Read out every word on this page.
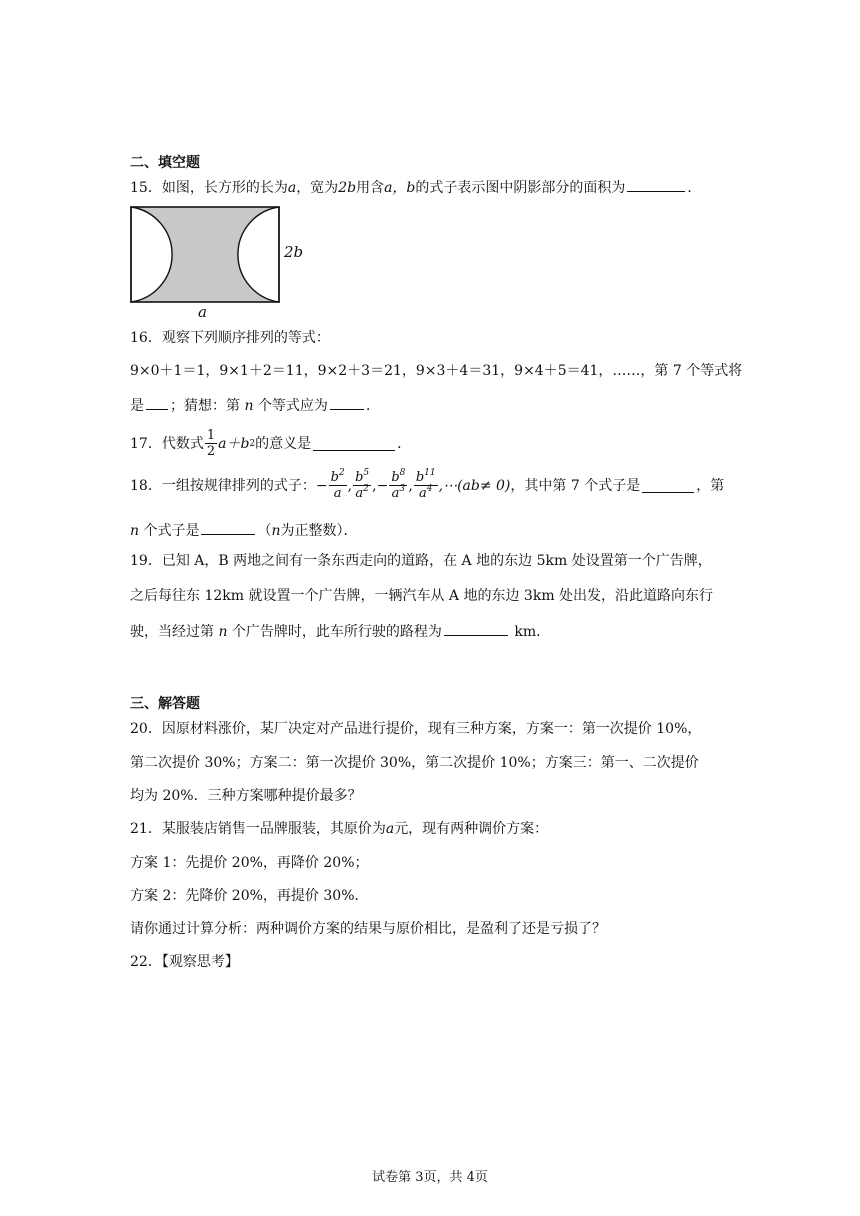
二、填空题
15．如图，长方形的长为a，宽为2b用含a，b的式子表示图中阴影部分的面积为	．
2b
a
16．观察下列顺序排列的等式：
9×0＋1＝1，9×1＋2＝11，9×2＋3＝21，9×3＋4＝31，9×4＋5＝41，……，第 7 个等式将
是 ；猜想：第 n 个等式应为	．
17．代数式 $\frac{1}{2} a+b$ 2 的意义是	．
18．一组按规律排列的式子： − $\frac{b^2}{a}$ , $\frac{b^5}{a^2}$ , − $\frac{b^8}{a^3}$ , $\frac{b^{11}}{a^4}$ ,⋯(ab≠ 0) ，其中第 7 个式子是	，第
n 个式子是	（n为正整数）．
19．已知 A，B 两地之间有一条东西走向的道路，在 A 地的东边 5km 处设置第一个广告牌，
之后每往东 12km 就设置一个广告牌，一辆汽车从 A 地的东边 3km 处出发，沿此道路向东行
驶，当经过第 n 个广告牌时，此车所行驶的路程为	km．
三、解答题
20．因原材料涨价，某厂决定对产品进行提价，现有三种方案，方案一：第一次提价 10%，
第二次提价 30%；方案二：第一次提价 30%，第二次提价 10%；方案三：第一、二次提价
均为 20%．三种方案哪种提价最多？
21．某服装店销售一品牌服装，其原价为a元，现有两种调价方案：
方案 1：先提价 20%，再降价 20%；
方案 2：先降价 20%，再提价 30%．
请你通过计算分析：两种调价方案的结果与原价相比，是盈利了还是亏损了？
22．【观察思考】
试卷第 3页，共 4页
